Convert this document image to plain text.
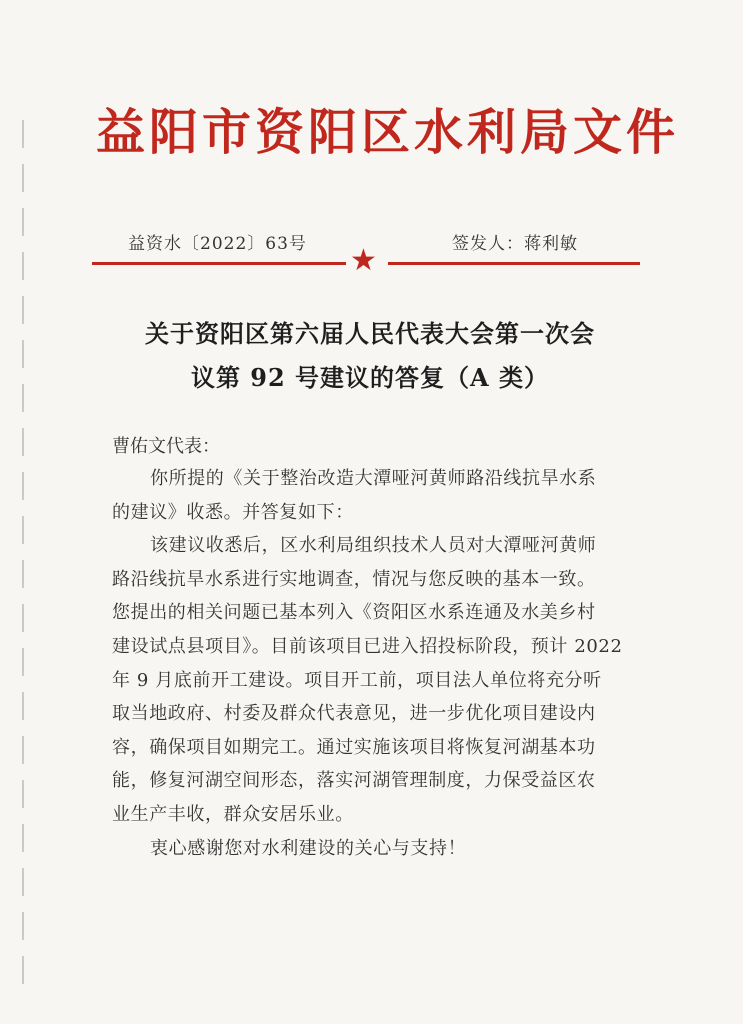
益阳市资阳区水利局文件
益资水〔2022〕63号	签发人：蒋利敏
★
关于资阳区第六届人民代表大会第一次会
议第 92 号建议的答复（A 类）
曹佑文代表：
你所提的《关于整治改造大潭哑河黄师路沿线抗旱水系
的建议》收悉。并答复如下：
该建议收悉后，区水利局组织技术人员对大潭哑河黄师
路沿线抗旱水系进行实地调查，情况与您反映的基本一致。
您提出的相关问题已基本列入《资阳区水系连通及水美乡村
建设试点县项目》。目前该项目已进入招投标阶段，预计 2022
年 9 月底前开工建设。项目开工前，项目法人单位将充分听
取当地政府、村委及群众代表意见，进一步优化项目建设内
容，确保项目如期完工。通过实施该项目将恢复河湖基本功
能，修复河湖空间形态，落实河湖管理制度，力保受益区农
业生产丰收，群众安居乐业。
衷心感谢您对水利建设的关心与支持！
